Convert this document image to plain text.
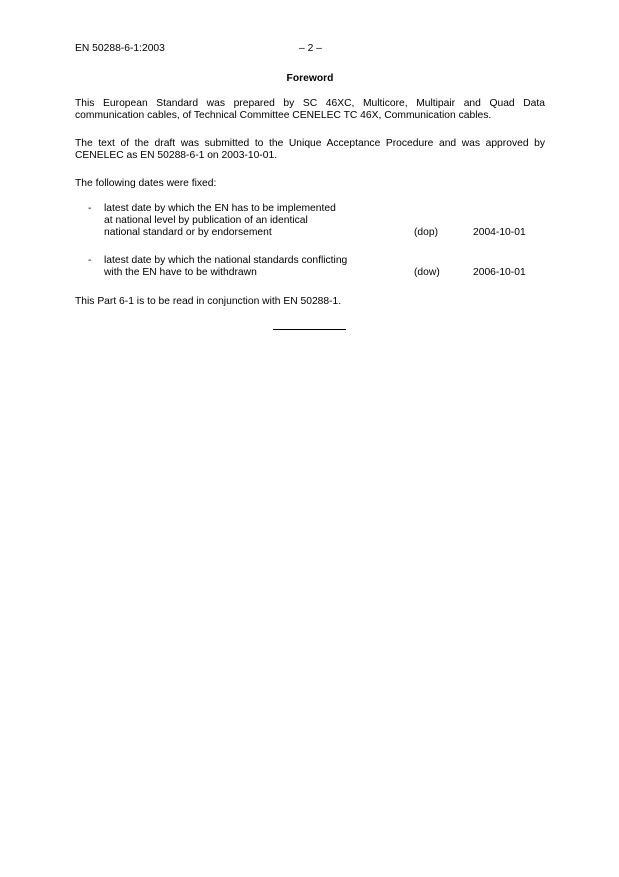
EN 50288-6-1:2003	– 2 –
Foreword
This European Standard was prepared by SC 46XC, Multicore, Multipair and Quad Data communication cables, of Technical Committee CENELEC TC 46X, Communication cables.
The text of the draft was submitted to the Unique Acceptance Procedure and was approved by CENELEC as EN 50288-6-1 on 2003-10-01.
The following dates were fixed:
- latest date by which the EN has to be implemented
at national level by publication of an identical
national standard or by endorsement	(dop)	2004-10-01
- latest date by which the national standards conflicting
with the EN have to be withdrawn	(dow)	2006-10-01
This Part 6-1 is to be read in conjunction with EN 50288-1.
